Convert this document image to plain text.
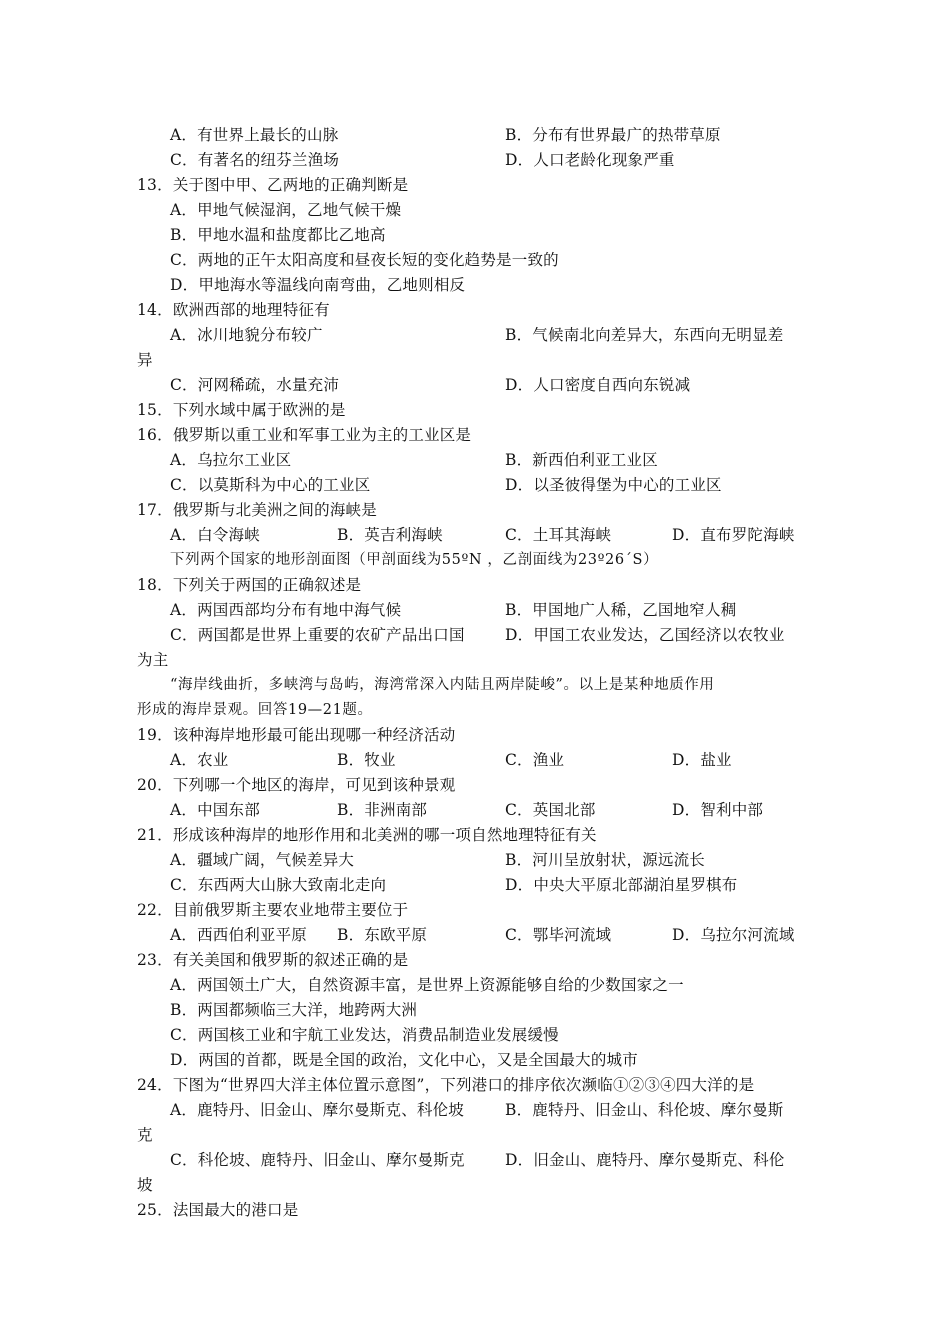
A．有世界上最长的山脉	B．分布有世界最广的热带草原
C．有著名的纽芬兰渔场	D．人口老龄化现象严重
13．关于图中甲、乙两地的正确判断是
A．甲地气候湿润，乙地气候干燥
B．甲地水温和盐度都比乙地高
C．两地的正午太阳高度和昼夜长短的变化趋势是一致的
D．甲地海水等温线向南弯曲，乙地则相反
14．欧洲西部的地理特征有
A．冰川地貌分布较广	B．气候南北向差异大，东西向无明显差
异
C．河网稀疏，水量充沛	D．人口密度自西向东锐减
15．下列水域中属于欧洲的是
16．俄罗斯以重工业和军事工业为主的工业区是
A．乌拉尔工业区	B．新西伯利亚工业区
C．以莫斯科为中心的工业区	D．以圣彼得堡为中心的工业区
17．俄罗斯与北美洲之间的海峡是
A．白令海峡	B．英吉利海峡	C．土耳其海峡	D．直布罗陀海峡
下列两个国家的地形剖面图（甲剖面线为55ºN ，乙剖面线为23º26´S）
18．下列关于两国的正确叙述是
A．两国西部均分布有地中海气候	B．甲国地广人稀，乙国地窄人稠
C．两国都是世界上重要的农矿产品出口国	D．甲国工农业发达，乙国经济以农牧业
为主
“海岸线曲折，多峡湾与岛屿，海湾常深入内陆且两岸陡峻”。以上是某种地质作用
形成的海岸景观。回答19—21题。
19．该种海岸地形最可能出现哪一种经济活动
A．农业	B．牧业	C．渔业	D．盐业
20．下列哪一个地区的海岸，可见到该种景观
A．中国东部	B．非洲南部	C．英国北部	D．智利中部
21．形成该种海岸的地形作用和北美洲的哪一项自然地理特征有关
A．疆域广阔，气候差异大	B．河川呈放射状，源远流长
C．东西两大山脉大致南北走向	D．中央大平原北部湖泊星罗棋布
22．目前俄罗斯主要农业地带主要位于
A．西西伯利亚平原 B．东欧平原	C．鄂毕河流域	D．乌拉尔河流域
23．有关美国和俄罗斯的叙述正确的是
A．两国领土广大，自然资源丰富，是世界上资源能够自给的少数国家之一
B．两国都频临三大洋，地跨两大洲
C．两国核工业和宇航工业发达，消费品制造业发展缓慢
D．两国的首都，既是全国的政治，文化中心，又是全国最大的城市
24．下图为“世界四大洋主体位置示意图”，下列港口的排序依次濒临①②③④四大洋的是
A．鹿特丹、旧金山、摩尔曼斯克、科伦坡	B．鹿特丹、旧金山、科伦坡、摩尔曼斯
克
C．科伦坡、鹿特丹、旧金山、摩尔曼斯克	D．旧金山、鹿特丹、摩尔曼斯克、科伦
坡
25．法国最大的港口是
